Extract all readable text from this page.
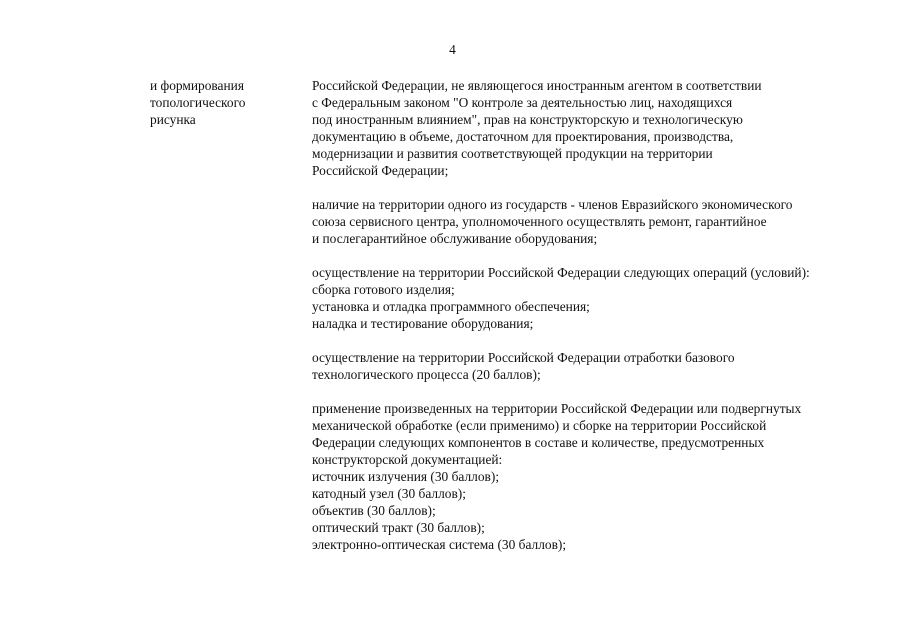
4
и формирования
топологического
рисунка
Российской Федерации, не являющегося иностранным агентом в соответствии
с Федеральным законом "О контроле за деятельностью лиц, находящихся
под иностранным влиянием", прав на конструкторскую и технологическую
документацию в объеме, достаточном для проектирования, производства,
модернизации и развития соответствующей продукции на территории
Российской Федерации;
наличие на территории одного из государств - членов Евразийского экономического
союза сервисного центра, уполномоченного осуществлять ремонт, гарантийное
и послегарантийное обслуживание оборудования;
осуществление на территории Российской Федерации следующих операций (условий):
сборка готового изделия;
установка и отладка программного обеспечения;
наладка и тестирование оборудования;
осуществление на территории Российской Федерации отработки базового
технологического процесса (20 баллов);
применение произведенных на территории Российской Федерации или подвергнутых
механической обработке (если применимо) и сборке на территории Российской
Федерации следующих компонентов в составе и количестве, предусмотренных
конструкторской документацией:
источник излучения (30 баллов);
катодный узел (30 баллов);
объектив (30 баллов);
оптический тракт (30 баллов);
электронно-оптическая система (30 баллов);
